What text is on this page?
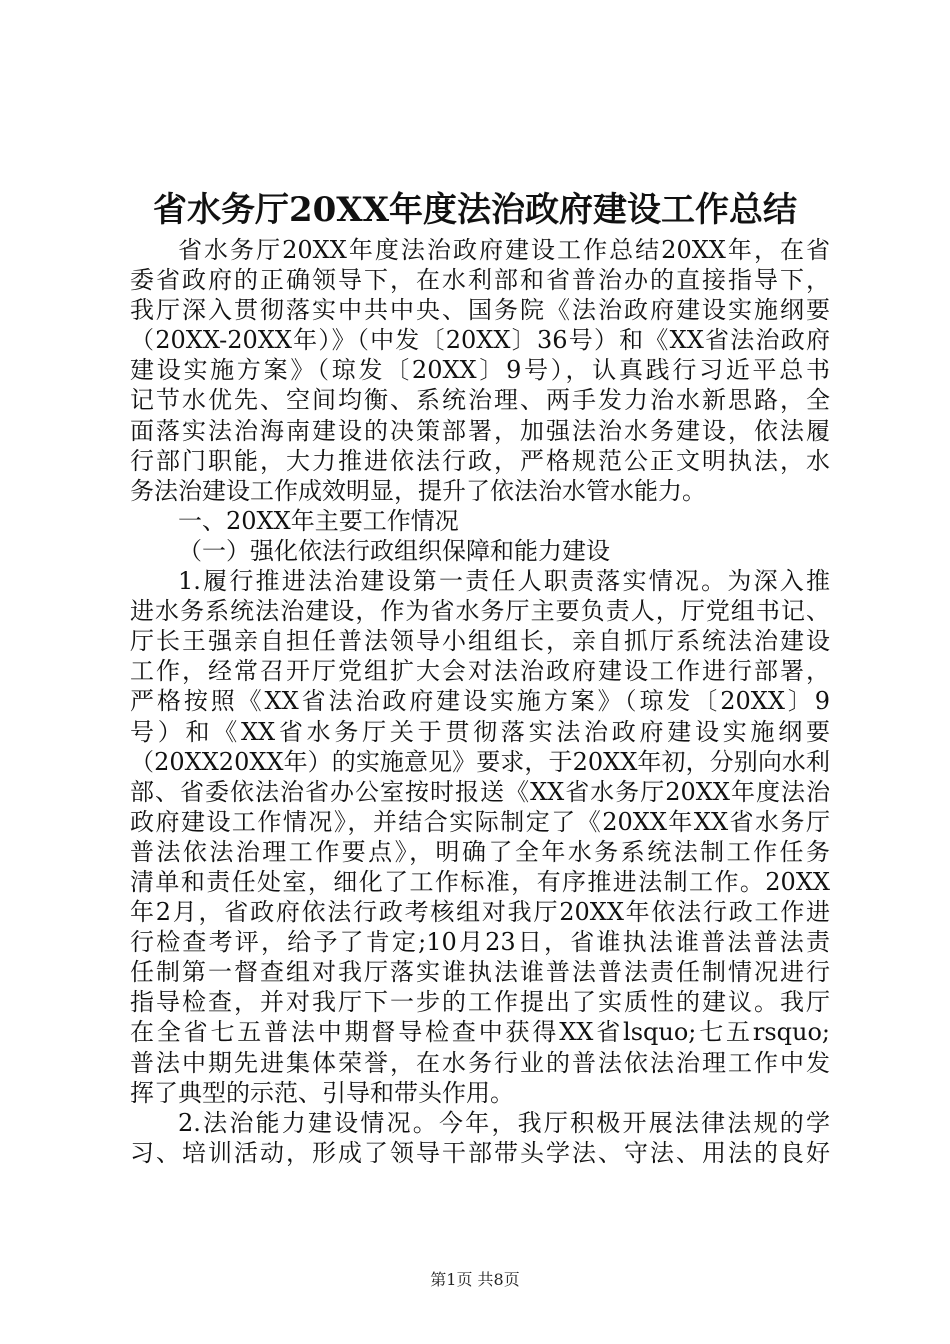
省水务厅20XX年度法治政府建设工作总结
省水务厅20XX年度法治政府建设工作总结20XX年，在省
委省政府的正确领导下，在水利部和省普治办的直接指导下，
我厅深入贯彻落实中共中央、国务院《法治政府建设实施纲要
（20XX-20XX年）》（中发〔20XX〕36号）和《XX省法治政府
建设实施方案》（琼发〔20XX〕9号），认真践行习近平总书
记节水优先、空间均衡、系统治理、两手发力治水新思路，全
面落实法治海南建设的决策部署，加强法治水务建设，依法履
行部门职能，大力推进依法行政，严格规范公正文明执法，水
务法治建设工作成效明显，提升了依法治水管水能力。
一、20XX年主要工作情况
（一）强化依法行政组织保障和能力建设
1.履行推进法治建设第一责任人职责落实情况。为深入推
进水务系统法治建设，作为省水务厅主要负责人，厅党组书记、
厅长王强亲自担任普法领导小组组长，亲自抓厅系统法治建设
工作，经常召开厅党组扩大会对法治政府建设工作进行部署，
严格按照《XX省法治政府建设实施方案》（琼发〔20XX〕9
号）和《XX省水务厅关于贯彻落实法治政府建设实施纲要
（20XX20XX年）的实施意见》要求，于20XX年初，分别向水利
部、省委依法治省办公室按时报送《XX省水务厅20XX年度法治
政府建设工作情况》，并结合实际制定了《20XX年XX省水务厅
普法依法治理工作要点》，明确了全年水务系统法制工作任务
清单和责任处室，细化了工作标准，有序推进法制工作。20XX
年2月，省政府依法行政考核组对我厅20XX年依法行政工作进
行检查考评，给予了肯定;10月23日，省谁执法谁普法普法责
任制第一督查组对我厅落实谁执法谁普法普法责任制情况进行
指导检查，并对我厅下一步的工作提出了实质性的建议。我厅
在全省七五普法中期督导检查中获得XX省lsquo;七五rsquo;
普法中期先进集体荣誉，在水务行业的普法依法治理工作中发
挥了典型的示范、引导和带头作用。
2.法治能力建设情况。今年，我厅积极开展法律法规的学
习、培训活动，形成了领导干部带头学法、守法、用法的良好
第1页 共8页
